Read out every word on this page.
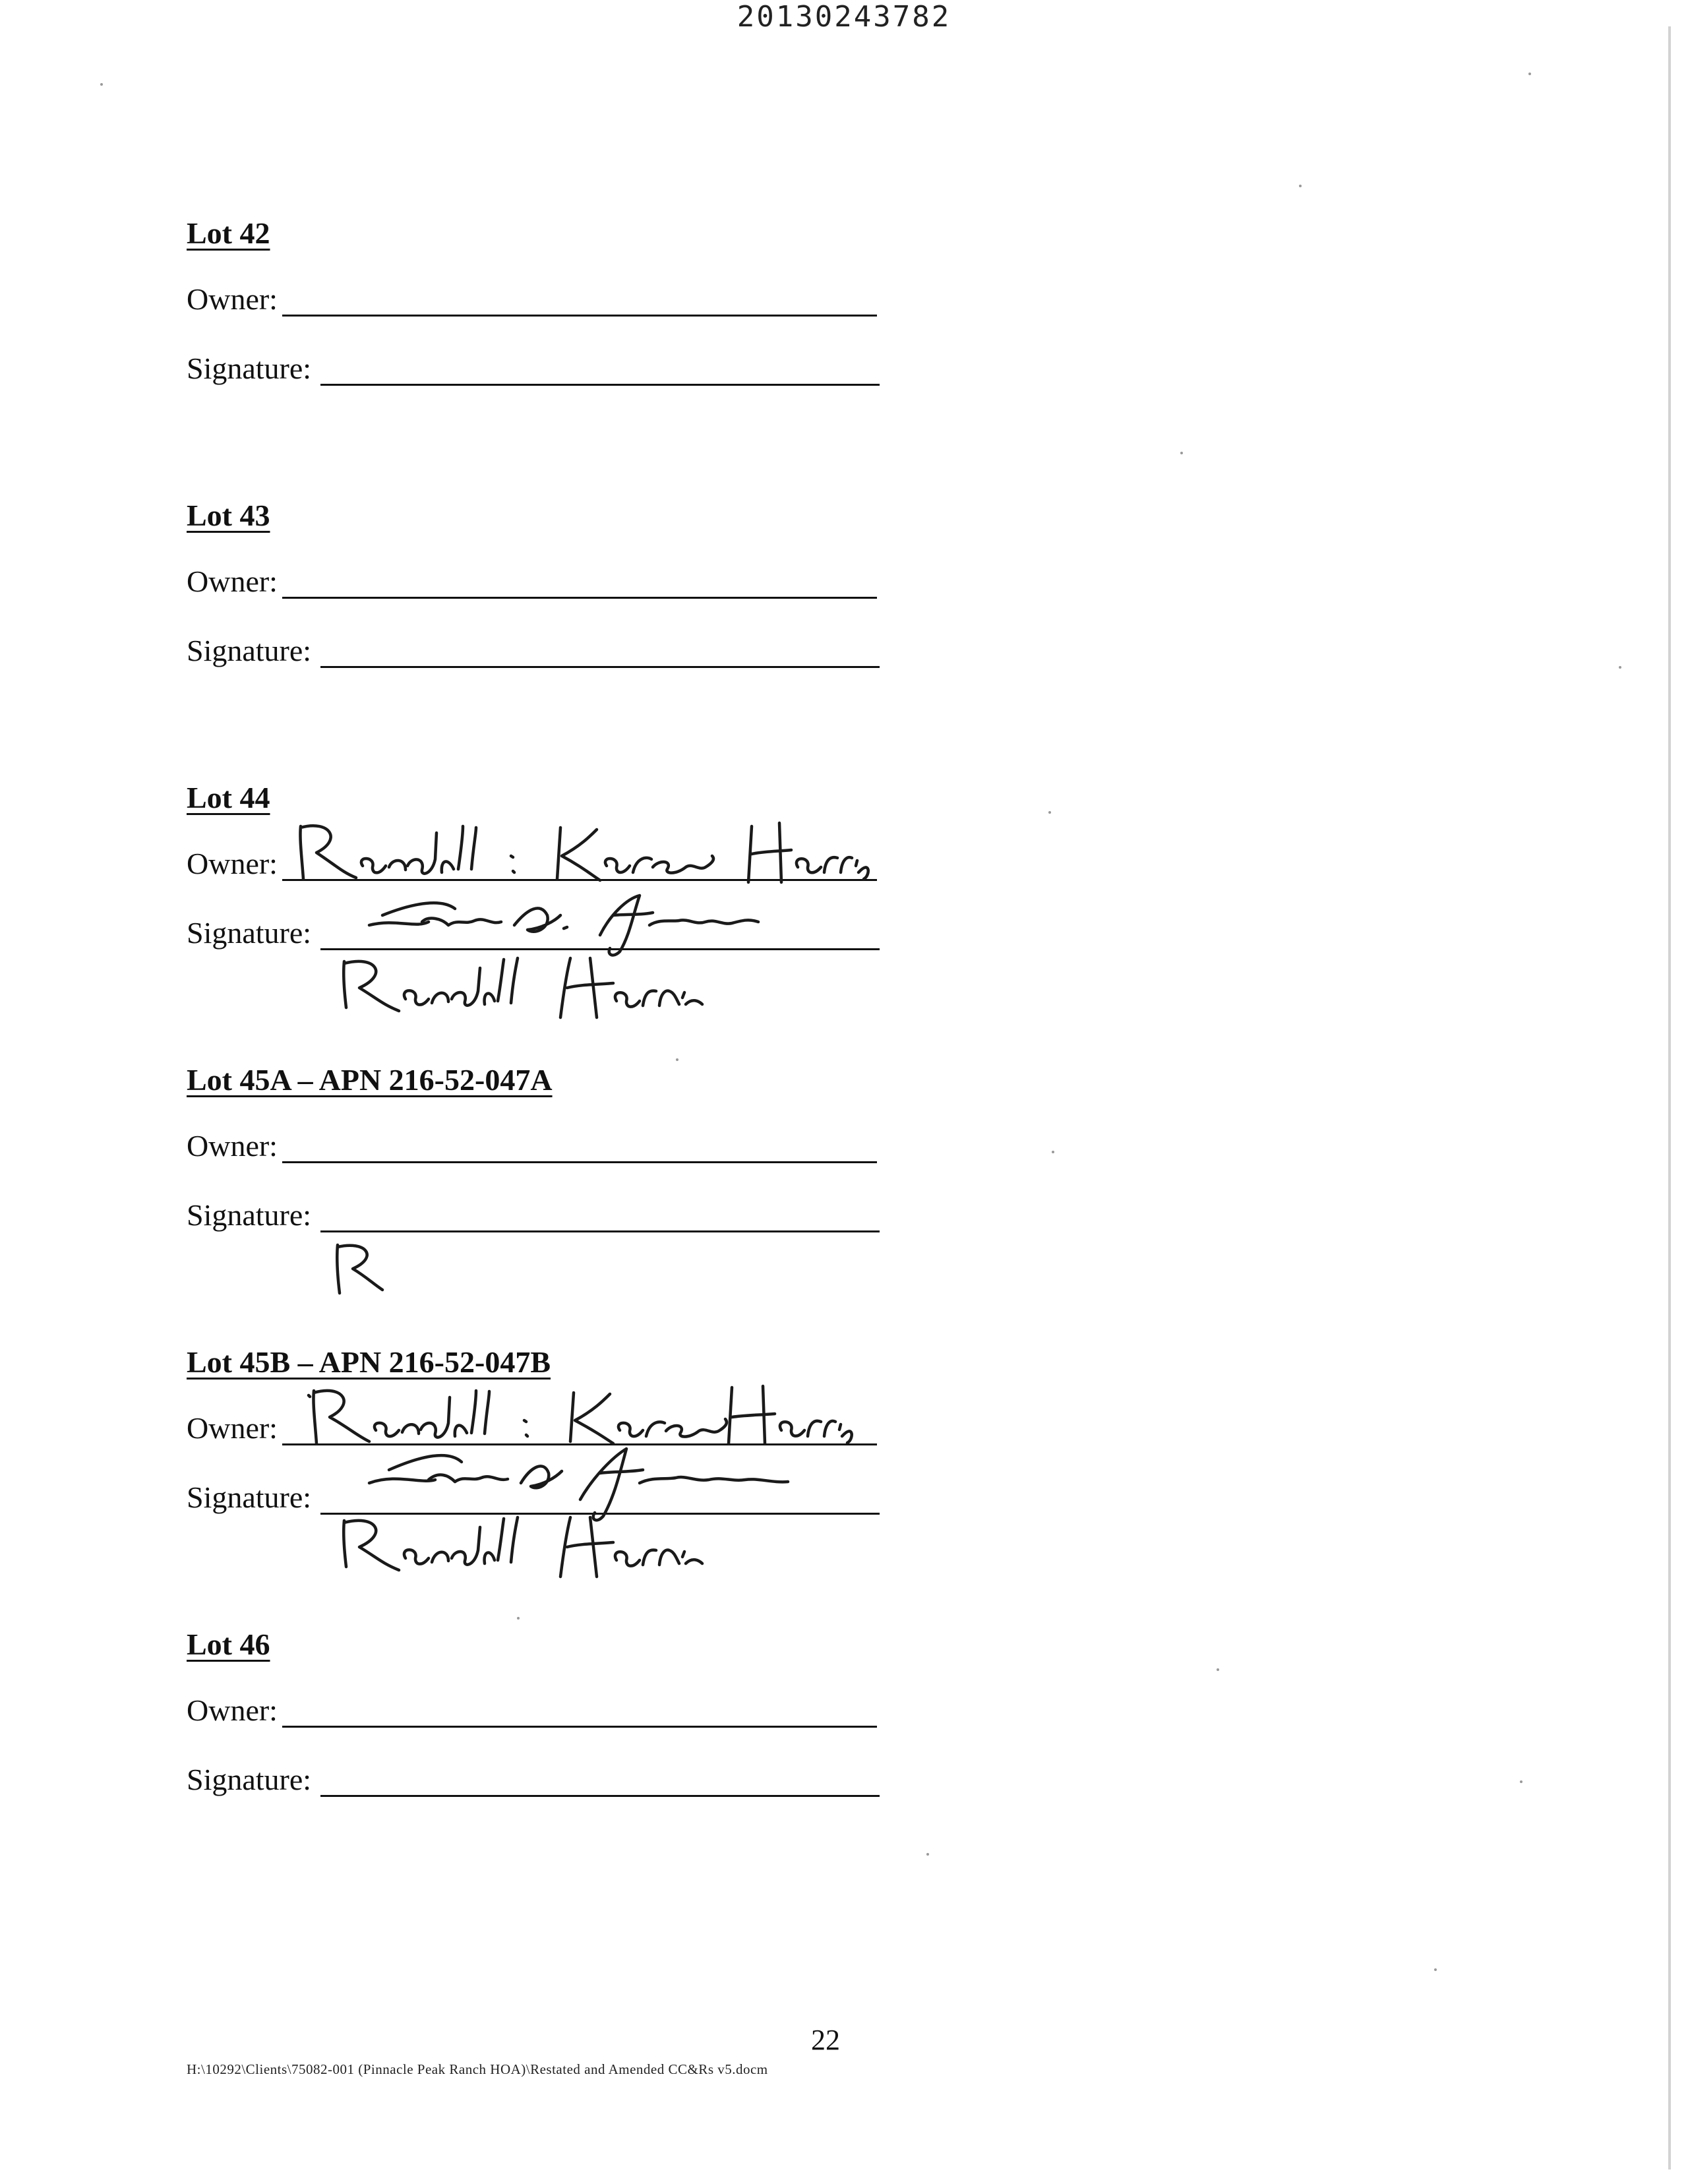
20130243782
Lot 42
Owner:
Signature:
Lot 43
Owner:
Signature:
Lot 44
Owner:
Signature:
Lot 45A – APN 216-52-047A
Owner:
Signature:
Lot 45B – APN 216-52-047B
Owner:
Signature:
Lot 46
Owner:
Signature:
22
H:\10292\Clients\75082-001 (Pinnacle Peak Ranch HOA)\Restated and Amended CC&Rs v5.docm
